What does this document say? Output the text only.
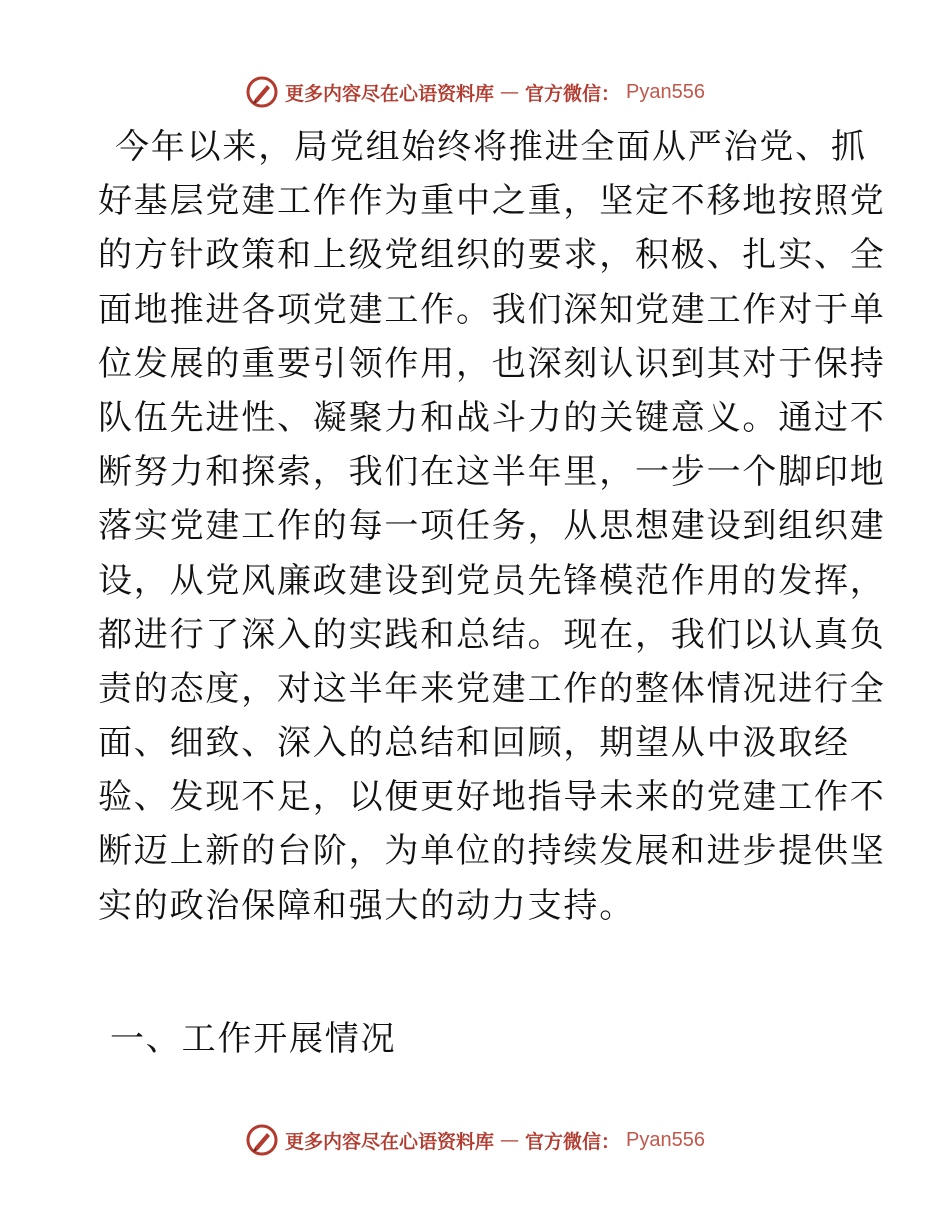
更多内容尽在心语资料库 — 官方微信： Pyan556
今年以来，局党组始终将推进全面从严治党、抓
好基层党建工作作为重中之重，坚定不移地按照党
的方针政策和上级党组织的要求，积极、扎实、全
面地推进各项党建工作。我们深知党建工作对于单
位发展的重要引领作用，也深刻认识到其对于保持
队伍先进性、凝聚力和战斗力的关键意义。通过不
断努力和探索，我们在这半年里，一步一个脚印地
落实党建工作的每一项任务，从思想建设到组织建
设，从党风廉政建设到党员先锋模范作用的发挥，
都进行了深入的实践和总结。现在，我们以认真负
责的态度，对这半年来党建工作的整体情况进行全
面、细致、深入的总结和回顾，期望从中汲取经
验、发现不足，以便更好地指导未来的党建工作不
断迈上新的台阶，为单位的持续发展和进步提供坚
实的政治保障和强大的动力支持。
一、工作开展情况
更多内容尽在心语资料库 — 官方微信： Pyan556
